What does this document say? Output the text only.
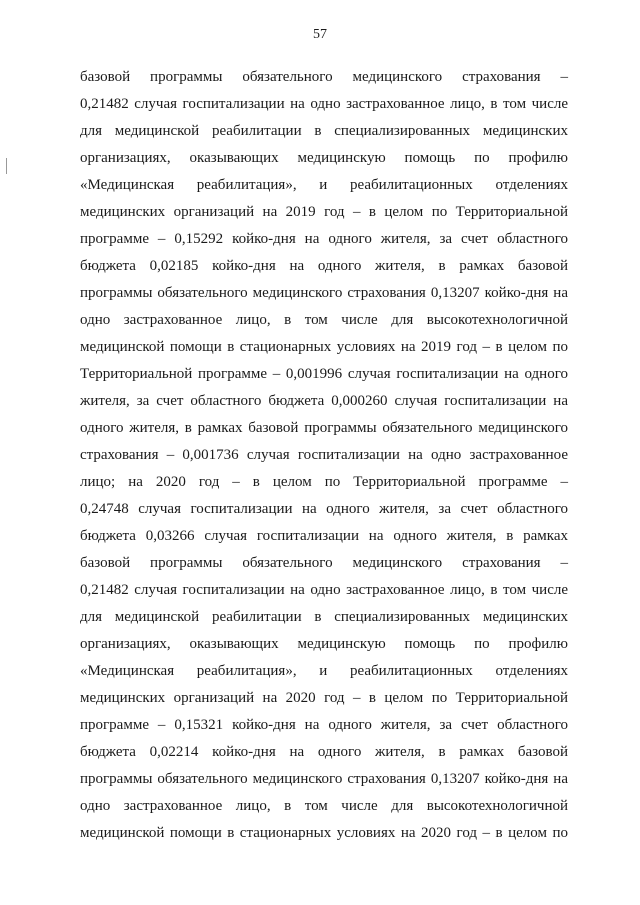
57
базовой программы обязательного медицинского страхования –
0,21482 случая госпитализации на одно застрахованное лицо, в том числе
для медицинской реабилитации в специализированных медицинских
организациях, оказывающих медицинскую помощь по профилю
«Медицинская реабилитация», и реабилитационных отделениях
медицинских организаций на 2019 год – в целом по Территориальной
программе – 0,15292 койко-дня на одного жителя, за счет областного
бюджета 0,02185 койко-дня на одного жителя, в рамках базовой
программы обязательного медицинского страхования 0,13207 койко-дня на
одно застрахованное лицо, в том числе для высокотехнологичной
медицинской помощи в стационарных условиях на 2019 год – в целом по
Территориальной программе – 0,001996 случая госпитализации на одного
жителя, за счет областного бюджета 0,000260 случая госпитализации на
одного жителя, в рамках базовой программы обязательного медицинского
страхования – 0,001736 случая госпитализации на одно застрахованное
лицо; на 2020 год – в целом по Территориальной программе –
0,24748 случая госпитализации на одного жителя, за счет областного
бюджета 0,03266 случая госпитализации на одного жителя, в рамках
базовой программы обязательного медицинского страхования –
0,21482 случая госпитализации на одно застрахованное лицо, в том числе
для медицинской реабилитации в специализированных медицинских
организациях, оказывающих медицинскую помощь по профилю
«Медицинская реабилитация», и реабилитационных отделениях
медицинских организаций на 2020 год – в целом по Территориальной
программе – 0,15321 койко-дня на одного жителя, за счет областного
бюджета 0,02214 койко-дня на одного жителя, в рамках базовой
программы обязательного медицинского страхования 0,13207 койко-дня на
одно застрахованное лицо, в том числе для высокотехнологичной
медицинской помощи в стационарных условиях на 2020 год – в целом по
